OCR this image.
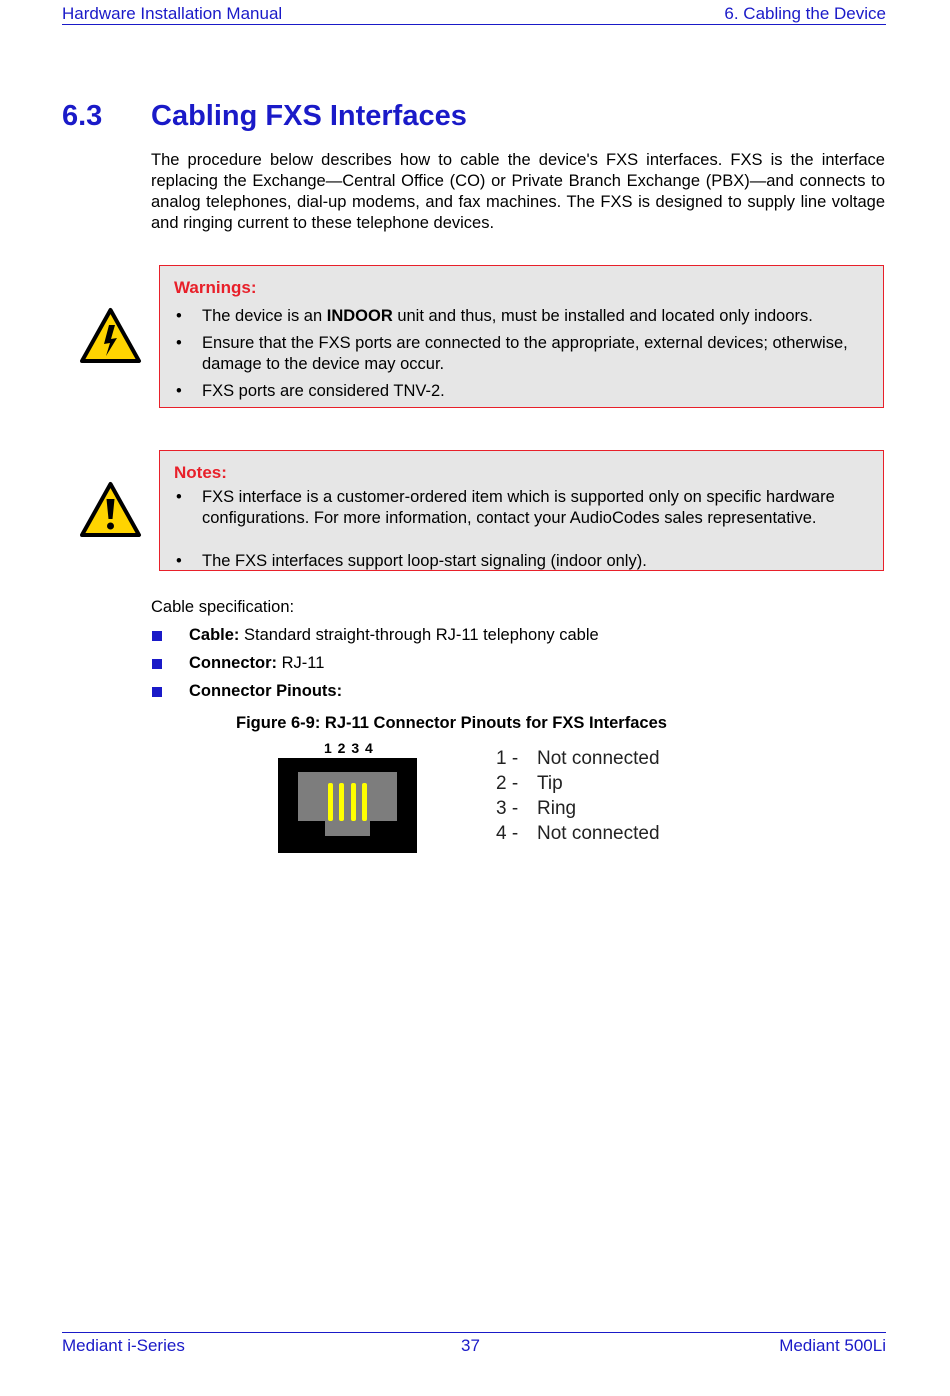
Hardware Installation Manual	6. Cabling the Device
6.3 Cabling FXS Interfaces

The procedure below describes how to cable the device's FXS interfaces. FXS is the interface replacing the Exchange—Central Office (CO) or Private Branch Exchange (PBX)—and connects to analog telephones, dial-up modems, and fax machines. The FXS is designed to supply line voltage and ringing current to these telephone devices.

Warnings:
• The device is an INDOOR unit and thus, must be installed and located only indoors.
• Ensure that the FXS ports are connected to the appropriate, external devices; otherwise, damage to the device may occur.
• FXS ports are considered TNV-2.
Notes:
• FXS interface is a customer-ordered item which is supported only on specific hardware configurations. For more information, contact your AudioCodes sales representative.
• The FXS interfaces support loop-start signaling (indoor only).
Cable specification:
Cable: Standard straight-through RJ-11 telephony cable
Connector: RJ-11
Connector Pinouts:
Figure 6-9: RJ-11 Connector Pinouts for FXS Interfaces
1 2 3 4	1 - Not connected
2 - Tip
3 - Ring
4 - Not connected
Mediant i-Series	37	Mediant 500Li
